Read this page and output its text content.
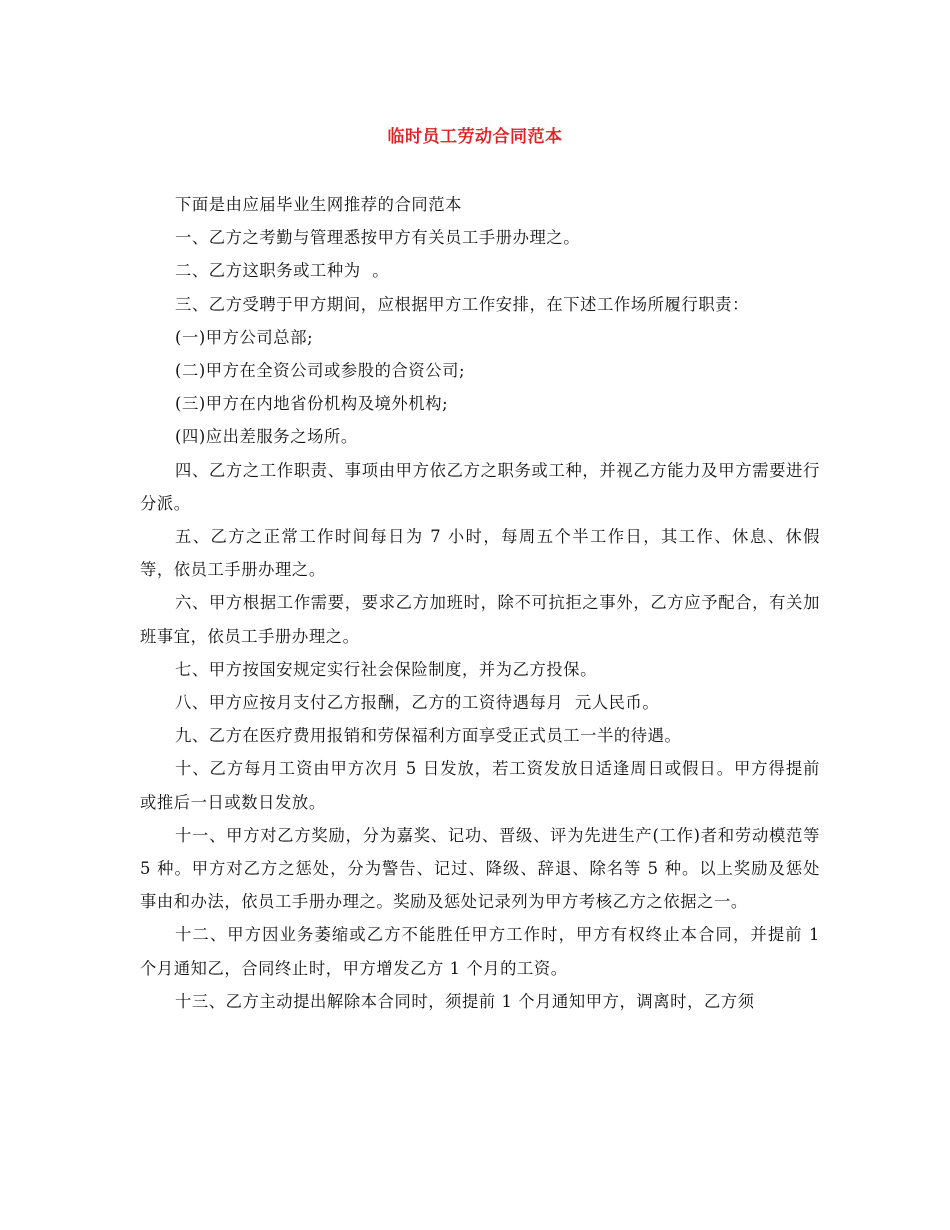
临时员工劳动合同范本

下面是由应届毕业生网推荐的合同范本

一、乙方之考勤与管理悉按甲方有关员工手册办理之。

二、乙方这职务或工种为  。

三、乙方受聘于甲方期间，应根据甲方工作安排，在下述工作场所履行职责：

(一)甲方公司总部;

(二)甲方在全资公司或参股的合资公司;

(三)甲方在内地省份机构及境外机构;

(四)应出差服务之场所。

四、乙方之工作职责、事项由甲方依乙方之职务或工种，并视乙方能力及甲方需要进行分派。

五、乙方之正常工作时间每日为 7 小时，每周五个半工作日，其工作、休息、休假等，依员工手册办理之。

六、甲方根据工作需要，要求乙方加班时，除不可抗拒之事外，乙方应予配合，有关加班事宜，依员工手册办理之。

七、甲方按国安规定实行社会保险制度，并为乙方投保。

八、甲方应按月支付乙方报酬，乙方的工资待遇每月  元人民币。

九、乙方在医疗费用报销和劳保福利方面享受正式员工一半的待遇。

十、乙方每月工资由甲方次月 5 日发放，若工资发放日适逢周日或假日。甲方得提前或推后一日或数日发放。

十一、甲方对乙方奖励，分为嘉奖、记功、晋级、评为先进生产(工作)者和劳动模范等 5 种。甲方对乙方之惩处，分为警告、记过、降级、辞退、除名等 5 种。以上奖励及惩处事由和办法，依员工手册办理之。奖励及惩处记录列为甲方考核乙方之依据之一。

十二、甲方因业务萎缩或乙方不能胜任甲方工作时，甲方有权终止本合同，并提前 1 个月通知乙，合同终止时，甲方增发乙方 1 个月的工资。

十三、乙方主动提出解除本合同时，须提前 1 个月通知甲方，调离时，乙方须
